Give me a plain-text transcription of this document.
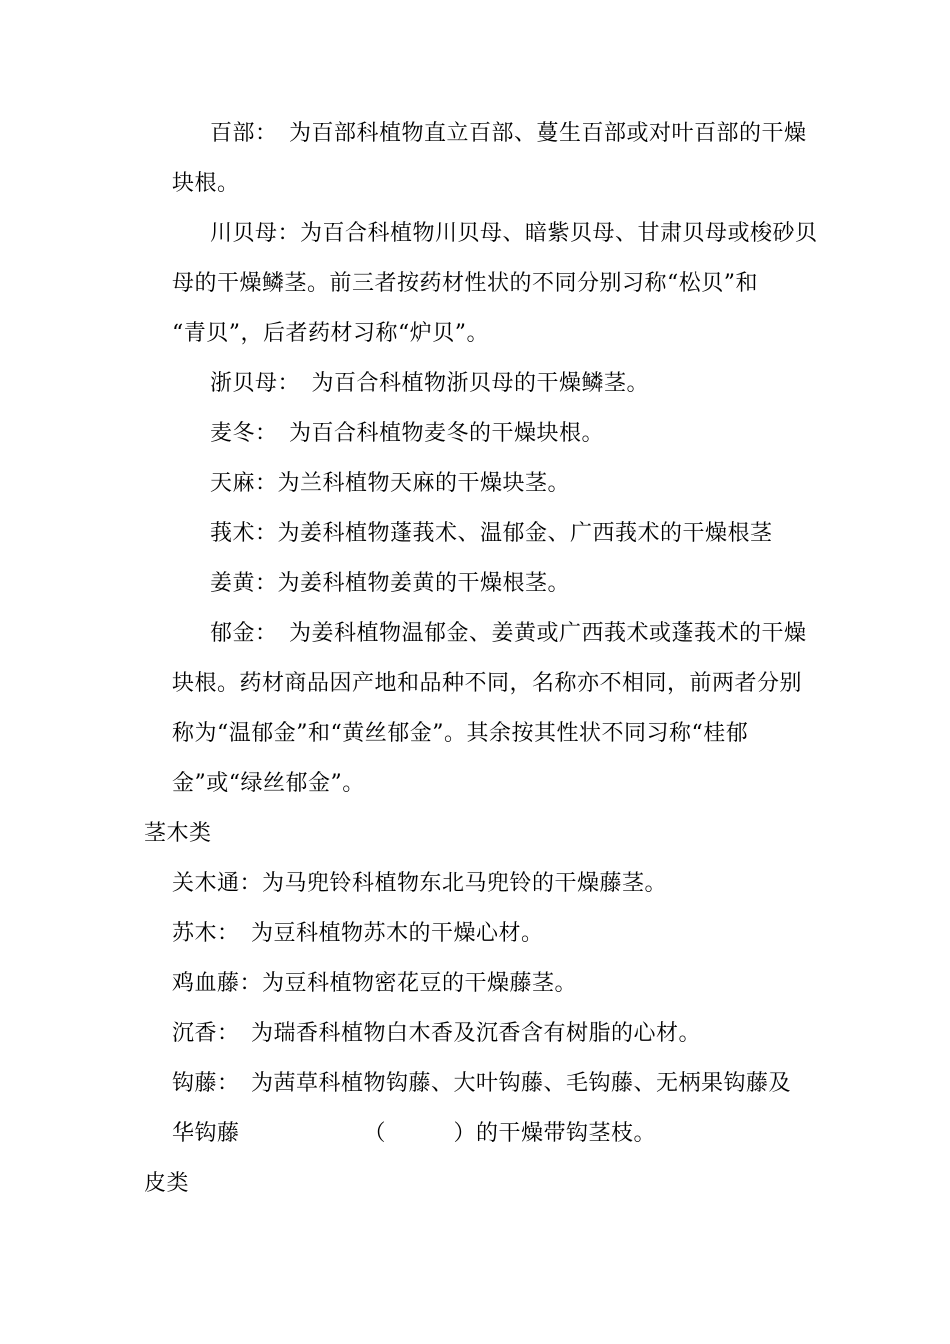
百部：　 为百部科植物直立百部、蔓生百部或对叶百部的干燥
块根。
川贝母：为百合科植物川贝母、暗紫贝母、甘肃贝母或梭砂贝
母的干燥鳞茎。前三者按药材性状的不同分别习称“松贝”和
“青贝”，后者药材习称“炉贝”。
浙贝母：　 为百合科植物浙贝母的干燥鳞茎。
麦冬：　 为百合科植物麦冬的干燥块根。
天麻：为兰科植物天麻的干燥块茎。
莪术：为姜科植物蓬莪术、温郁金、广西莪术的干燥根茎
姜黄：为姜科植物姜黄的干燥根茎。
郁金：　 为姜科植物温郁金、姜黄或广西莪术或蓬莪术的干燥
块根。药材商品因产地和品种不同，名称亦不相同，前两者分别
称为“温郁金”和“黄丝郁金”。其余按其性状不同习称“桂郁
金”或“绿丝郁金”。
茎木类
关木通：为马兜铃科植物东北马兜铃的干燥藤茎。
苏木：　 为豆科植物苏木的干燥心材。
鸡血藤：为豆科植物密花豆的干燥藤茎。
沉香：　 为瑞香科植物白木香及沉香含有树脂的心材。
钩藤：　 为茜草科植物钩藤、大叶钩藤、毛钩藤、无柄果钩藤及
华钩藤　　　　　　（　　　）的干燥带钩茎枝。
皮类
